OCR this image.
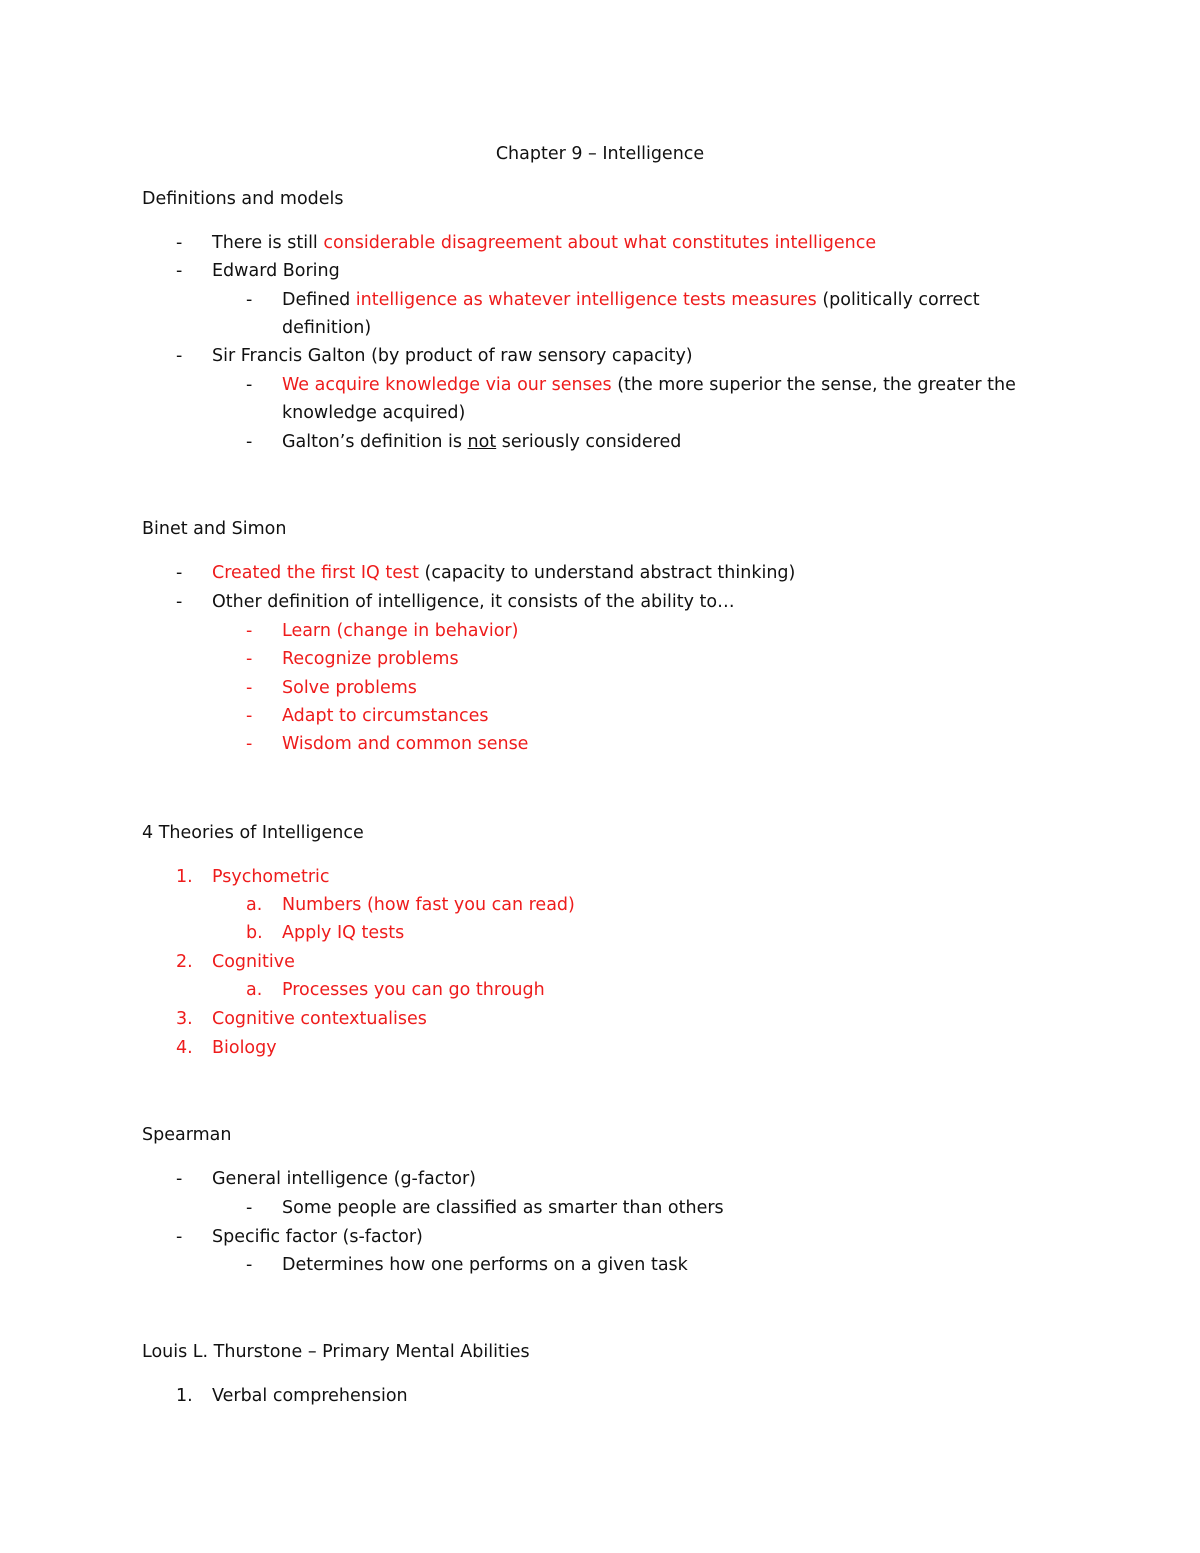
Chapter 9 – Intelligence
Definitions and models
- There is still considerable disagreement about what constitutes intelligence
- Edward Boring
- Defined intelligence as whatever intelligence tests measures (politically correct
definition)
- Sir Francis Galton (by product of raw sensory capacity)
- We acquire knowledge via our senses (the more superior the sense, the greater the
knowledge acquired)
- Galton’s definition is not seriously considered
Binet and Simon
- Created the first IQ test (capacity to understand abstract thinking)
- Other definition of intelligence, it consists of the ability to…
- Learn (change in behavior)
- Recognize problems
- Solve problems
- Adapt to circumstances
- Wisdom and common sense
4 Theories of Intelligence
1. Psychometric
a. Numbers (how fast you can read)
b. Apply IQ tests
2. Cognitive
a. Processes you can go through
3. Cognitive contextualises
4. Biology
Spearman
- General intelligence (g-factor)
- Some people are classified as smarter than others
- Specific factor (s-factor)
- Determines how one performs on a given task
Louis L. Thurstone – Primary Mental Abilities
1. Verbal comprehension
